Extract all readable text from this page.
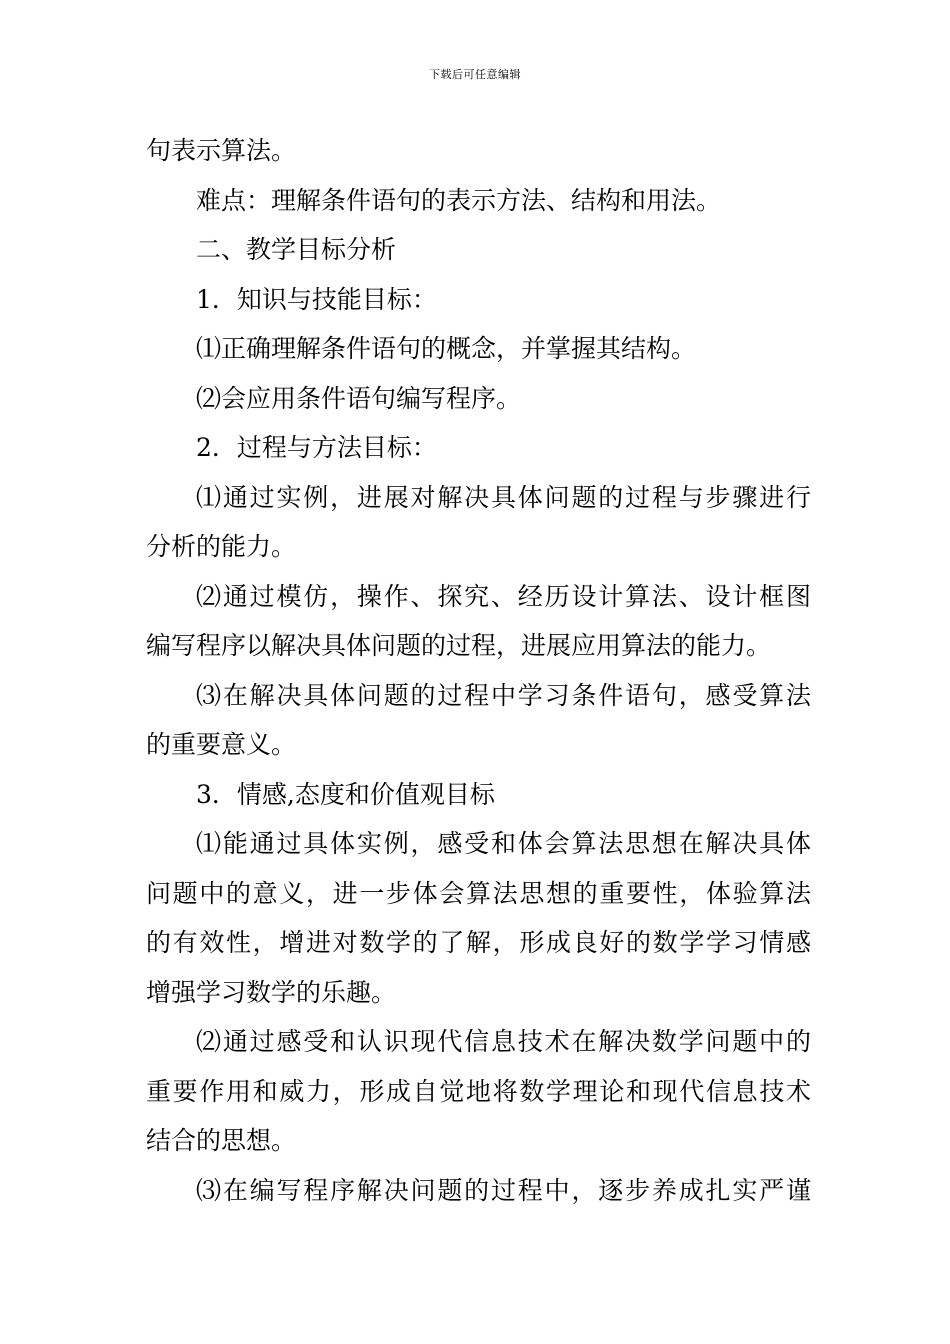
下载后可任意编辑
句表示算法。
难点：理解条件语句的表示方法、结构和用法。
二、教学目标分析
1．知识与技能目标：
⑴正确理解条件语句的概念，并掌握其结构。
⑵会应用条件语句编写程序。
2．过程与方法目标：
⑴通过实例，进展对解决具体问题的过程与步骤进行
分析的能力。
⑵通过模仿，操作、探究、经历设计算法、设计框图
编写程序以解决具体问题的过程，进展应用算法的能力。
⑶在解决具体问题的过程中学习条件语句，感受算法
的重要意义。
3．情感,态度和价值观目标
⑴能通过具体实例，感受和体会算法思想在解决具体
问题中的意义，进一步体会算法思想的重要性，体验算法
的有效性，增进对数学的了解，形成良好的数学学习情感
增强学习数学的乐趣。
⑵通过感受和认识现代信息技术在解决数学问题中的
重要作用和威力，形成自觉地将数学理论和现代信息技术
结合的思想。
⑶在编写程序解决问题的过程中，逐步养成扎实严谨
